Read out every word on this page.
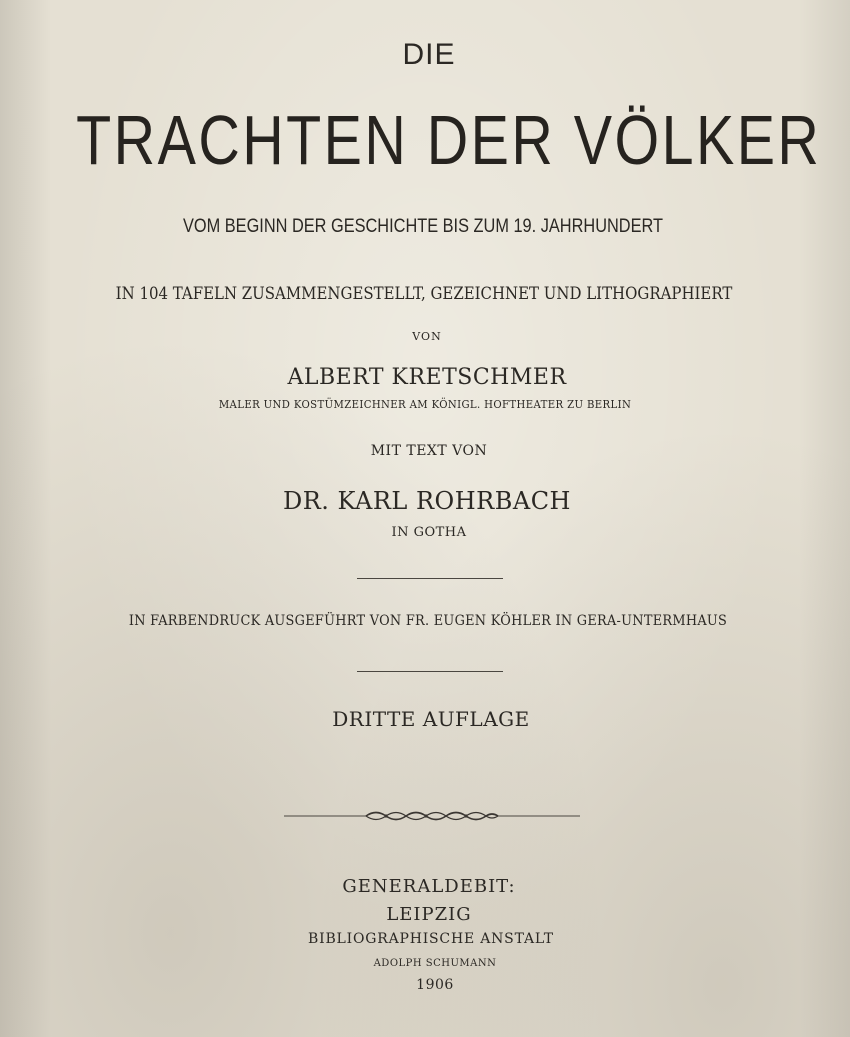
DIE
TRACHTEN DER VÖLKER
VOM BEGINN DER GESCHICHTE BIS ZUM 19. JAHRHUNDERT
IN 104 TAFELN ZUSAMMENGESTELLT, GEZEICHNET UND LITHOGRAPHIERT
VON
ALBERT KRETSCHMER
MALER UND KOSTÜMZEICHNER AM KÖNIGL. HOFTHEATER ZU BERLIN
MIT TEXT VON
DR. KARL ROHRBACH
IN GOTHA
IN FARBENDRUCK AUSGEFÜHRT VON FR. EUGEN KÖHLER IN GERA-UNTERMHAUS
DRITTE AUFLAGE
GENERALDEBIT:
LEIPZIG
BIBLIOGRAPHISCHE ANSTALT
ADOLPH SCHUMANN
1906
